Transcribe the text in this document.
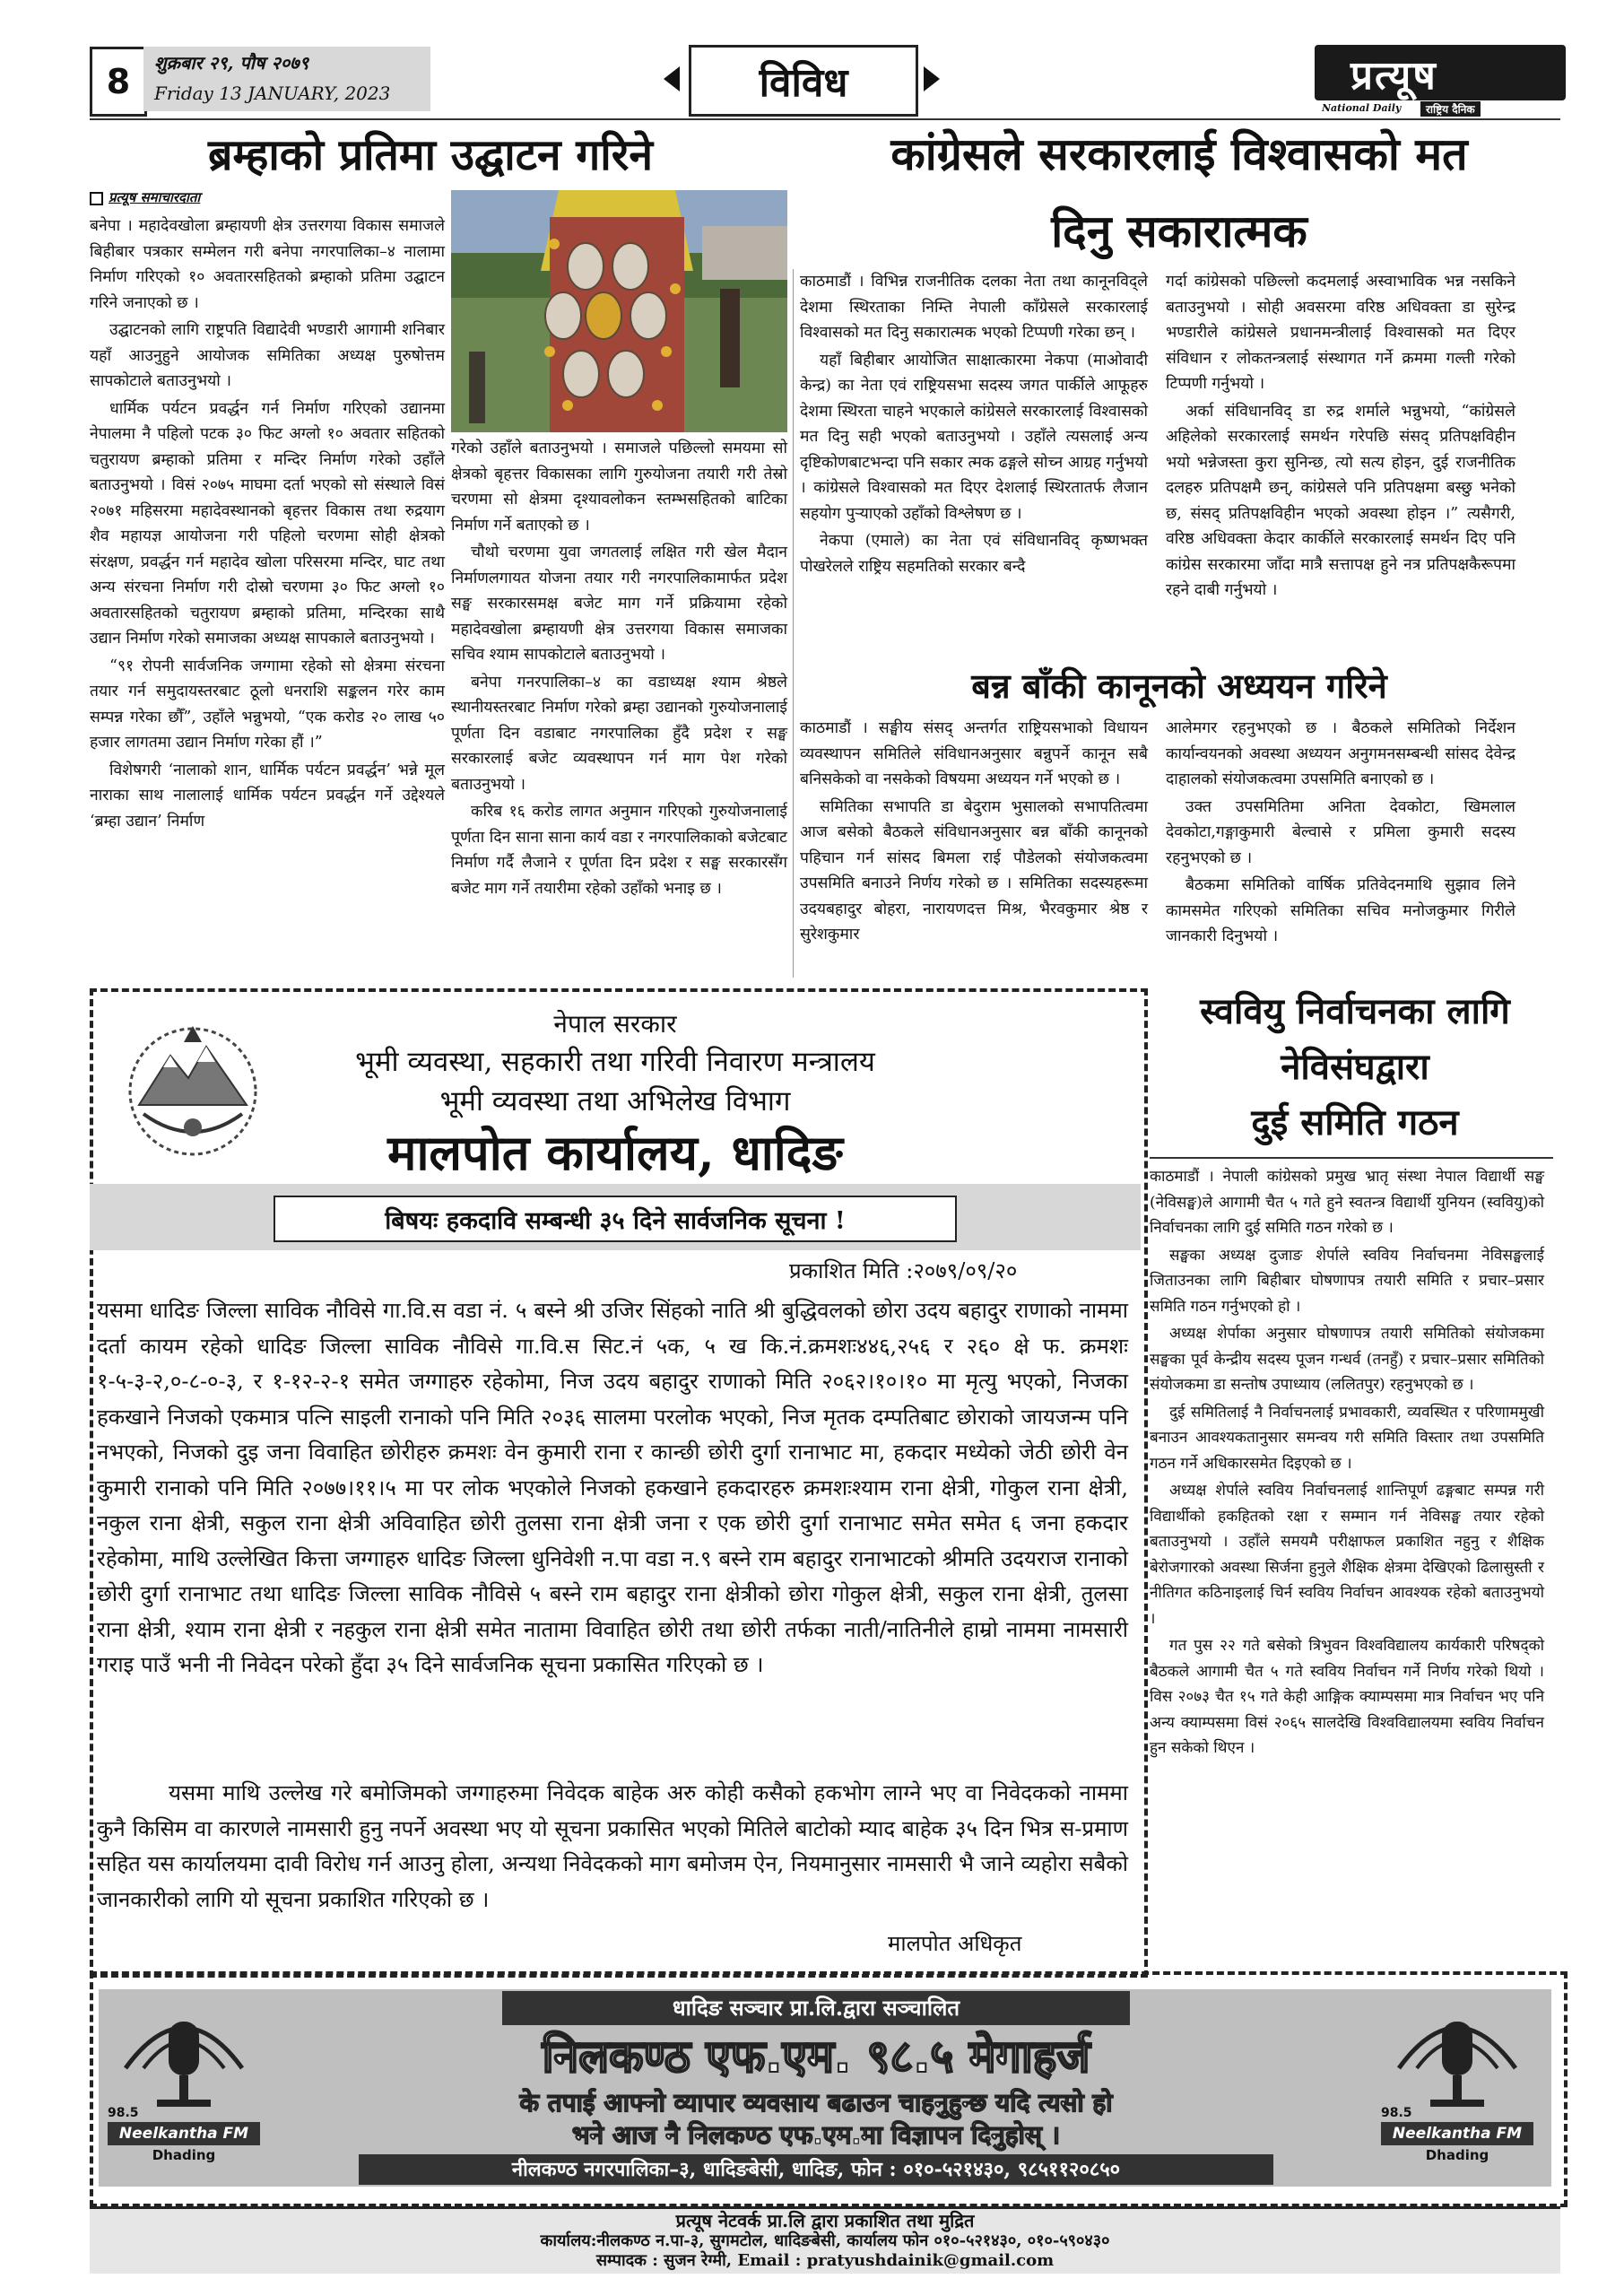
8	शुक्रबार २९, पौष २०७९
Friday 13 JANUARY, 2023	विविध	प्रत्यूष
National Daily	राष्ट्रिय दैनिक
ब्रम्हाको प्रतिमा उद्घाटन गरिने
प्रत्यूष समाचारदाता

बनेपा । महादेवखोला ब्रम्हायणी क्षेत्र उत्तरगया विकास समाजले बिहीबार पत्रकार सम्मेलन गरी बनेपा नगरपालिका–४ नालामा निर्माण गरिएको १० अवतारसहितको ब्रम्हाको प्रतिमा उद्घाटन गरिने जनाएको छ ।

उद्घाटनको लागि राष्ट्रपति विद्यादेवी भण्डारी आगामी शनिबार यहाँ आउनुहुने आयोजक समितिका अध्यक्ष पुरुषोत्तम सापकोटाले बताउनुभयो ।

धार्मिक पर्यटन प्रवर्द्धन गर्न निर्माण गरिएको उद्यानमा नेपालमा नै पहिलो पटक ३० फिट अग्लो १० अवतार सहितको चतुरायण ब्रम्हाको प्रतिमा र मन्दिर निर्माण गरेको उहाँले बताउनुभयो । विसं २०७५ माघमा दर्ता भएको सो संस्थाले विसं २०७१ महिसरमा महादेवस्थानको बृहत्तर विकास तथा रुद्रयाग शैव महायज्ञ आयोजना गरी पहिलो चरणमा सोही क्षेत्रको संरक्षण, प्रवर्द्धन गर्न महादेव खोला परिसरमा मन्दिर, घाट तथा अन्य संरचना निर्माण गरी दोस्रो चरणमा ३० फिट अग्लो १० अवतारसहितको चतुरायण ब्रम्हाको प्रतिमा, मन्दिरका साथै उद्यान निर्माण गरेको समाजका अध्यक्ष सापकाले बताउनुभयो ।

“९१ रोपनी सार्वजनिक जग्गामा रहेको सो क्षेत्रमा संरचना तयार गर्न समुदायस्तरबाट ठूलो धनराशि सङ्कलन गरेर काम सम्पन्न गरेका छौँ”, उहाँले भन्नुभयो, “एक करोड २० लाख ५० हजार लागतमा उद्यान निर्माण गरेका हौं ।”

विशेषगरी ‘नालाको शान, धार्मिक पर्यटन प्रवर्द्धन’ भन्ने मूल नाराका साथ नालालाई धार्मिक पर्यटन प्रवर्द्धन गर्ने उद्देश्यले ‘ब्रम्हा उद्यान’ निर्माण

गरेको उहाँले बताउनुभयो । समाजले पछिल्लो समयमा सो क्षेत्रको बृहत्तर विकासका लागि गुरुयोजना तयारी गरी तेस्रो चरणमा सो क्षेत्रमा दृश्यावलोकन स्तम्भसहितको बाटिका निर्माण गर्ने बताएको छ ।

चौथो चरणमा युवा जगतलाई लक्षित गरी खेल मैदान निर्माणलगायत योजना तयार गरी नगरपालिकामार्फत प्रदेश सङ्घ सरकारसमक्ष बजेट माग गर्ने प्रक्रियामा रहेको महादेवखोला ब्रम्हायणी क्षेत्र उत्तरगया विकास समाजका सचिव श्याम सापकोटाले बताउनुभयो ।

बनेपा गनरपालिका–४ का वडाध्यक्ष श्याम श्रेष्ठले स्थानीयस्तरबाट निर्माण गरेको ब्रम्हा उद्यानको गुरुयोजनालाई पूर्णता दिन वडाबाट नगरपालिका हुँदै प्रदेश र सङ्घ सरकारलाई बजेट व्यवस्थापन गर्न माग पेश गरेको बताउनुभयो ।

करिब १६ करोड लागत अनुमान गरिएको गुरुयोजनालाई पूर्णता दिन साना साना कार्य वडा र नगरपालिकाको बजेटबाट निर्माण गर्दै लैजाने र पूर्णता दिन प्रदेश र सङ्घ सरकारसँग बजेट माग गर्ने तयारीमा रहेको उहाँको भनाइ छ ।

कांग्रेसले सरकारलाई विश्वासको मत
दिनु सकारात्मक

काठमाडौं । विभिन्न राजनीतिक दलका नेता तथा कानूनविद्ले देशमा स्थिरताका निम्ति नेपाली काँग्रेसले सरकारलाई विश्वासको मत दिनु सकारात्मक भएको टिप्पणी गरेका छन् ।

यहाँ बिहीबार आयोजित साक्षात्कारमा नेकपा (माओवादी केन्द्र) का नेता एवं राष्ट्रियसभा सदस्य जगत पार्कीले आफूहरु देशमा स्थिरता चाहने भएकाले कांग्रेसले सरकारलाई विश्वासको मत दिनु सही भएको बताउनुभयो । उहाँले त्यसलाई अन्य दृष्टिकोणबाटभन्दा पनि सकार त्मक ढङ्गले सोच्न आग्रह गर्नुभयो । कांग्रेसले विश्वासको मत दिएर देशलाई स्थिरतातर्फ लैजान सहयोग पुऱ्याएको उहाँको विश्लेषण छ ।

नेकपा (एमाले) का नेता एवं संविधानविद् कृष्णभक्त पोखरेलले राष्ट्रिय सहमतिको सरकार बन्दै

गर्दा कांग्रेसको पछिल्लो कदमलाई अस्वाभाविक भन्न नसकिने बताउनुभयो । सोही अवसरमा वरिष्ठ अधिवक्ता डा सुरेन्द्र भण्डारीले कांग्रेसले प्रधानमन्त्रीलाई विश्वासको मत दिएर संविधान र लोकतन्त्रलाई संस्थागत गर्ने क्रममा गल्ती गरेको टिप्पणी गर्नुभयो ।

अर्का संविधानविद् डा रुद्र शर्माले भन्नुभयो, “कांग्रेसले अहिलेको सरकारलाई समर्थन गरेपछि संसद् प्रतिपक्षविहीन भयो भन्नेजस्ता कुरा सुनिन्छ, त्यो सत्य होइन, दुई राजनीतिक दलहरु प्रतिपक्षमै छन्, कांग्रेसले पनि प्रतिपक्षमा बस्छु भनेको छ, संसद् प्रतिपक्षविहीन भएको अवस्था होइन ।” त्यसैगरी, वरिष्ठ अधिवक्ता केदार कार्कीले सरकारलाई समर्थन दिए पनि कांग्रेस सरकारमा जाँदा मात्रै सत्तापक्ष हुने नत्र प्रतिपक्षकैरूपमा रहने दाबी गर्नुभयो ।

बन्न बाँकी कानूनको अध्ययन गरिने

काठमाडौं । सङ्घीय संसद् अन्तर्गत राष्ट्रियसभाको विधायन व्यवस्थापन समितिले संविधानअनुसार बन्नुपर्ने कानून सबै बनिसकेको वा नसकेको विषयमा अध्ययन गर्ने भएको छ ।

समितिका सभापति डा बेदुराम भुसालको सभापतित्वमा आज बसेको बैठकले संविधानअनुसार बन्न बाँकी कानूनको पहिचान गर्न सांसद बिमला राई पौडेलको संयोजकत्वमा उपसमिति बनाउने निर्णय गरेको छ । समितिका सदस्यहरूमा उदयबहादुर बोहरा, नारायणदत्त मिश्र, भैरवकुमार श्रेष्ठ र सुरेशकुमार

आलेमगर रहनुभएको छ । बैठकले समितिको निर्देशन कार्यान्वयनको अवस्था अध्ययन अनुगमनसम्बन्धी सांसद देवेन्द्र दाहालको संयोजकत्वमा उपसमिति बनाएको छ ।

उक्त उपसमितिमा अनिता देवकोटा, खिमलाल देवकोटा,गङ्गाकुमारी बेल्वासे र प्रमिला कुमारी सदस्य रहनुभएको छ ।

बैठकमा समितिको वार्षिक प्रतिवेदनमाथि सुझाव लिने कामसमेत गरिएको समितिका सचिव मनोजकुमार गिरीले जानकारी दिनुभयो ।

नेपाल सरकार
भूमी व्यवस्था, सहकारी तथा गरिवी निवारण मन्त्रालय
भूमी व्यवस्था तथा अभिलेख विभाग
मालपोत कार्यालय, धादिङ
बिषयः हकदावि सम्बन्धी ३५ दिने सार्वजनिक सूचना !
प्रकाशित मिति :२०७९/०९/२०
यसमा धादिङ जिल्ला साविक नौविसे गा.वि.स वडा नं. ५ बस्ने श्री उजिर सिंहको नाति श्री बुद्धिवलको छोरा उदय बहादुर राणाको नाममा दर्ता कायम रहेको धादिङ जिल्ला साविक नौविसे गा.वि.स सिट.नं ५क, ५ ख कि.नं.क्रमशः४४६,२५६ र २६० क्षे फ. क्रमशः १-५-३-२,०-८-०-३, र १-१२-२-१ समेत जग्गाहरु रहेकोमा, निज उदय बहादुर राणाको मिति २०६२।१०।१० मा मृत्यु भएको, निजका हकखाने निजको एकमात्र पत्नि साइली रानाको पनि मिति २०३६ सालमा परलोक भएको, निज मृतक दम्पतिबाट छोराको जायजन्म पनि नभएको, निजको दुइ जना विवाहित छोरीहरु क्रमशः वेन कुमारी राना र कान्छी छोरी दुर्गा रानाभाट मा, हकदार मध्येको जेठी छोरी वेन कुमारी रानाको पनि मिति २०७७।११।५ मा पर लोक भएकोले निजको हकखाने हकदारहरु क्रमशःश्याम राना क्षेत्री, गोकुल राना क्षेत्री, नकुल राना क्षेत्री, सकुल राना क्षेत्री अविवाहित छोरी तुलसा राना क्षेत्री जना र एक छोरी दुर्गा रानाभाट समेत समेत ६ जना हकदार रहेकोमा, माथि उल्लेखित कित्ता जग्गाहरु धादिङ जिल्ला धुनिवेशी न.पा वडा न.९ बस्ने राम बहादुर रानाभाटको श्रीमति उदयराज रानाको छोरी दुर्गा रानाभाट तथा धादिङ जिल्ला साविक नौविसे ५ बस्ने राम बहादुर राना क्षेत्रीको छोरा गोकुल क्षेत्री, सकुल राना क्षेत्री, तुलसा राना क्षेत्री, श्याम राना क्षेत्री र नहकुल राना क्षेत्री समेत नातामा विवाहित छोरी तथा छोरी तर्फका नाती/नातिनीले हाम्रो नाममा नामसारी गराइ पाउँ भनी नी निवेदन परेको हुँदा ३५ दिने सार्वजनिक सूचना प्रकासित गरिएको छ ।
यसमा माथि उल्लेख गरे बमोजिमको जग्गाहरुमा निवेदक बाहेक अरु कोही कसैको हकभोग लाग्ने भए वा निवेदकको नाममा कुनै किसिम वा कारणले नामसारी हुनु नपर्ने अवस्था भए यो सूचना प्रकासित भएको मितिले बाटोको म्याद बाहेक ३५ दिन भित्र स-प्रमाण सहित यस कार्यालयमा दावी विरोध गर्न आउनु होला, अन्यथा निवेदकको माग बमोजम ऐन, नियमानुसार नामसारी भै जाने व्यहोरा सबैको जानकारीको लागि यो सूचना प्रकाशित गरिएको छ ।
मालपोत अधिकृत
स्ववियु निर्वाचनका लागि
नेविसंघद्वारा
दुई समिति गठन

काठमाडौं । नेपाली कांग्रेसको प्रमुख भ्रातृ संस्था नेपाल विद्यार्थी सङ्घ (नेविसङ्घ)ले आगामी चैत ५ गते हुने स्वतन्त्र विद्यार्थी युनियन (स्ववियु)को निर्वाचनका लागि दुई समिति गठन गरेको छ ।

सङ्घका अध्यक्ष दुजाङ शेर्पाले स्वविय निर्वाचनमा नेविसङ्घलाई जिताउनका लागि बिहीबार घोषणापत्र तयारी समिति र प्रचार–प्रसार समिति गठन गर्नुभएको हो ।

अध्यक्ष शेर्पाका अनुसार घोषणापत्र तयारी समितिको संयोजकमा सङ्घका पूर्व केन्द्रीय सदस्य पूजन गन्धर्व (तनहुँ) र प्रचार–प्रसार समितिको संयोजकमा डा सन्तोष उपाध्याय (ललितपुर) रहनुभएको छ ।

दुई समितिलाई नै निर्वाचनलाई प्रभावकारी, व्यवस्थित र परिणाममुखी बनाउन आवश्यकतानुसार समन्वय गरी समिति विस्तार तथा उपसमिति गठन गर्ने अधिकारसमेत दिइएको छ ।

अध्यक्ष शेर्पाले स्वविय निर्वाचनलाई शान्तिपूर्ण ढङ्गबाट सम्पन्न गरी विद्यार्थीको हकहितको रक्षा र सम्मान गर्न नेविसङ्घ तयार रहेको बताउनुभयो । उहाँले समयमै परीक्षाफल प्रकाशित नहुनु र शैक्षिक बेरोजगारको अवस्था सिर्जना हुनुले शैक्षिक क्षेत्रमा देखिएको ढिलासुस्ती र नीतिगत कठिनाइलाई चिर्न स्वविय निर्वाचन आवश्यक रहेको बताउनुभयो ।

गत पुस २२ गते बसेको त्रिभुवन विश्वविद्यालय कार्यकारी परिषद्को बैठकले आगामी चैत ५ गते स्वविय निर्वाचन गर्ने निर्णय गरेको थियो । विस २०७३ चैत १५ गते केही आङ्गिक क्याम्पसमा मात्र निर्वाचन भए पनि अन्य क्याम्पसमा विसं २०६५ सालदेखि विश्वविद्यालयमा स्वविय निर्वाचन हुन सकेको थिएन ।

धादिङ सञ्चार प्रा.लि.द्वारा सञ्चालित
निलकण्ठ एफ.एम. ९८.५ मेगाहर्ज
के तपाई आफ्नो व्यापार व्यवसाय बढाउन चाहनुहुन्छ यदि त्यसो हो
भने आज नै निलकण्ठ एफ.एम.मा विज्ञापन दिनुहोस् ।
नीलकण्ठ नगरपालिका–३, धादिङबेसी, धादिङ, फोन : ०१०-५२१४३०, ९८५११२०८५०
98.5
Neelkantha FM
Dhading
98.5
Neelkantha FM
Dhading
प्रत्यूष नेटवर्क प्रा.लि द्वारा प्रकाशित तथा मुद्रित
कार्यालय:नीलकण्ठ न.पा-३, सुगमटोल, धादिङबेसी, कार्यालय फोन ०१०-५२१४३०, ०१०-५९०४३०
सम्पादक : सुजन रेग्मी, Email : pratyushdainik@gmail.com
